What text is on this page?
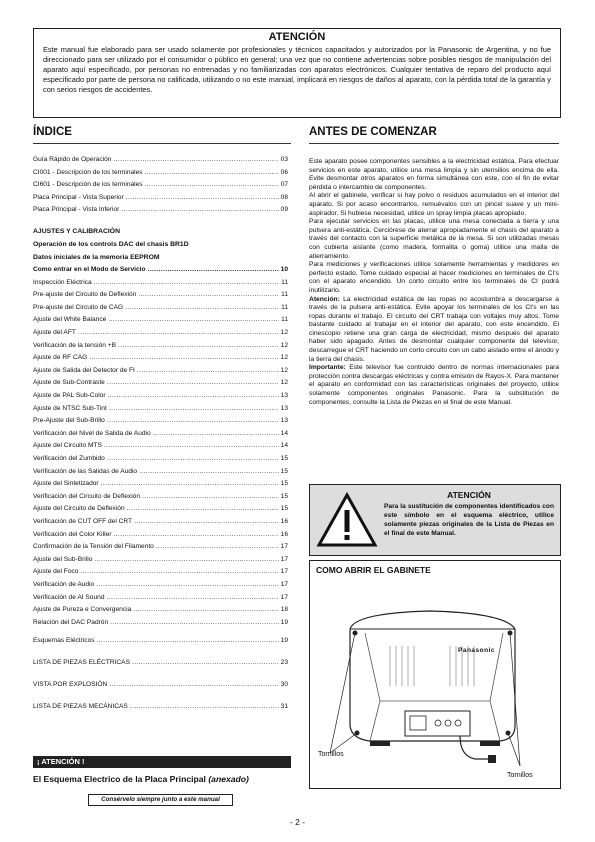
ATENCIÓN
Este manual fue elaborado para ser usado solamente por profesionales y técnicos capacitados y autorizados por la Panasonic de Argentina, y no fue direccionado para ser utilizado por el consumidor o público en general; una vez que no contiene advertencias sobre posibles riesgos de manipulación del aparato aquí especificado, por personas no entrenadas y no familiarizadas con aparatos electrónicos. Cualquier tentativa de reparo del producto aquí especificado por parte de persona no calificada, utilizando o no este manual, implicará en riesgos de daños al aparato, con la pérdida total de la garantía y con serios riesgos de accidentes.
ÍNDICE	ANTES DE COMENZAR
Guía Rápido de Operación .....	03
CI001 - Descripción de los terminales .....	06
CI601 - Descripción de los terminales .....	07
Placa Principal - Vista Superior .....	08
Placa Principal - Vista Inferior .....	09
AJUSTES Y CALIBRACIÓN
Operación de los controls DAC del chasis BR1D
Datos iniciales de la memoria EEPROM
Como entrar en el Modo de Servicio .....	10
Inspección Eléctrica .....	11
Pre-ajuste del Circuito de Deflexión .....	11
Pre-ajuste del Circuito de CAG .....	11
Ajuste del White Balance .....	11
Ajuste del AFT .....	12
Verificación de la tensión +B .....	12
Ajuste de RF CAG .....	12
Ajuste de Salida del Detector de FI .....	12
Ajuste de Sub-Contraste .....	12
Ajuste de PAL Sub-Color .....	13
Ajuste de NTSC Sub-Tint .....	13
Pre-Ajuste del Sub-Brillo .....	13
Verificación del Nivel de Salida de Audio .....	14
Ajuste del Circuito MTS .....	14
Verificación del Zumbido .....	15
Verificación de las Salidas de Audio .....	15
Ajuste del Sintetizador .....	15
Verificación del Circuito de Deflexión .....	15
Ajuste del Circuito de Deflexión .....	15
Verificación de CUT OFF del CRT .....	16
Verificación del Color Killer .....	16
Confirmación de la Tensión del Filamento .....	17
Ajuste del Sub-Brillo .....	17
Ajuste del Foco .....	17
Verificación de Audio .....	17
Verificación de AI Sound .....	17
Ajuste de Pureza e Convergencia .....	18
Relación del DAC Padrón .....	19
Esquemas Eléctricos .....	19
LISTA DE PIEZAS ELÉCTRICAS .....	23
VISTA POR EXPLOSIÓN .....	30
LISTA DE PIEZAS MECÁNICAS .....	31

Este aparato posee componentes sensibles a la electricidad estática. Para efectuar servicios en este aparato, utilice una mesa limpia y sin utensilios encima de ella. Evite desmontar otros aparatos en forma simultánea con este, con el fin de evitar pérdida o intercambio de componentes.

Al abrir el gabinete, verificar si hay polvo o residuos acumulados en el interior del aparato. Si por acaso encontrarlos, remuévalos con un pincel suave y un mini-aspirador. Si hubiese necesidad, utilice un spray limpia placas apropiado.

Para ejecutar servicios en las placas, utilice una mesa conectada a tierra y una pulsera anti-estática. Cerciórese de aterrar apropiadamente el chasis del aparato a través del contacto con la superficie metálica de la mesa. Si son utilizadas mesas con cubierta aislante (como madera, formalita o goma) utilice una malla de atierramiento.

Para mediciones y verificaciones utilice solamente herramientas y medidores en perfecto estado. Tome cuidado especial al hacer mediciones en terminales de CI's con el aparato encendido. Un corto circuito entre los terminales de CI podrá inutilizarlo.

Atención: La electricidad estática de las ropas no acostumbra a descargarse a través de la pulsera anti-estática. Evite apoyar los terminales de los CI's en las ropas durante el trabajo. El circuito del CRT trabaja con voltajes muy altos. Tome bastante cuidado al trabajar en el interior del aparato, con este encendido. El cinescopio retiene una gran carga de electricidad, mismo después del aparato haber sido apagado. Antes de desmontar cualquier componente del televisor, descarregue el CRT haciendo un corto circuito con un cabo aislado entre el ánodo y la tierra del chasis.

Importante: Este televisor fue contruido dentro de normas internacionales para protección contra descargas eléctricas y contra emisión de Rayos-X. Para mantener el aparato en conformidad con las características originales del proyecto, utilice solamente componentes originales Panasonic. Para la substitución de componentes, consulte la Lista de Piezas en el final de este Manual.

ATENCIÓN
Para la sustitución de componentes identificados con este símbolo en el esquema eléctrico, utilice solamente piezas originales de la Lista de Piezas en el final de este Manual.
COMO ABRIR EL GABINETE
Panasonic
Tornillos
Tornillos
¡ ATENCIÓN !
El Esquema Electrico de la Placa Principal (anexado)
Consérvelo siempre junto a este manual
- 2 -
